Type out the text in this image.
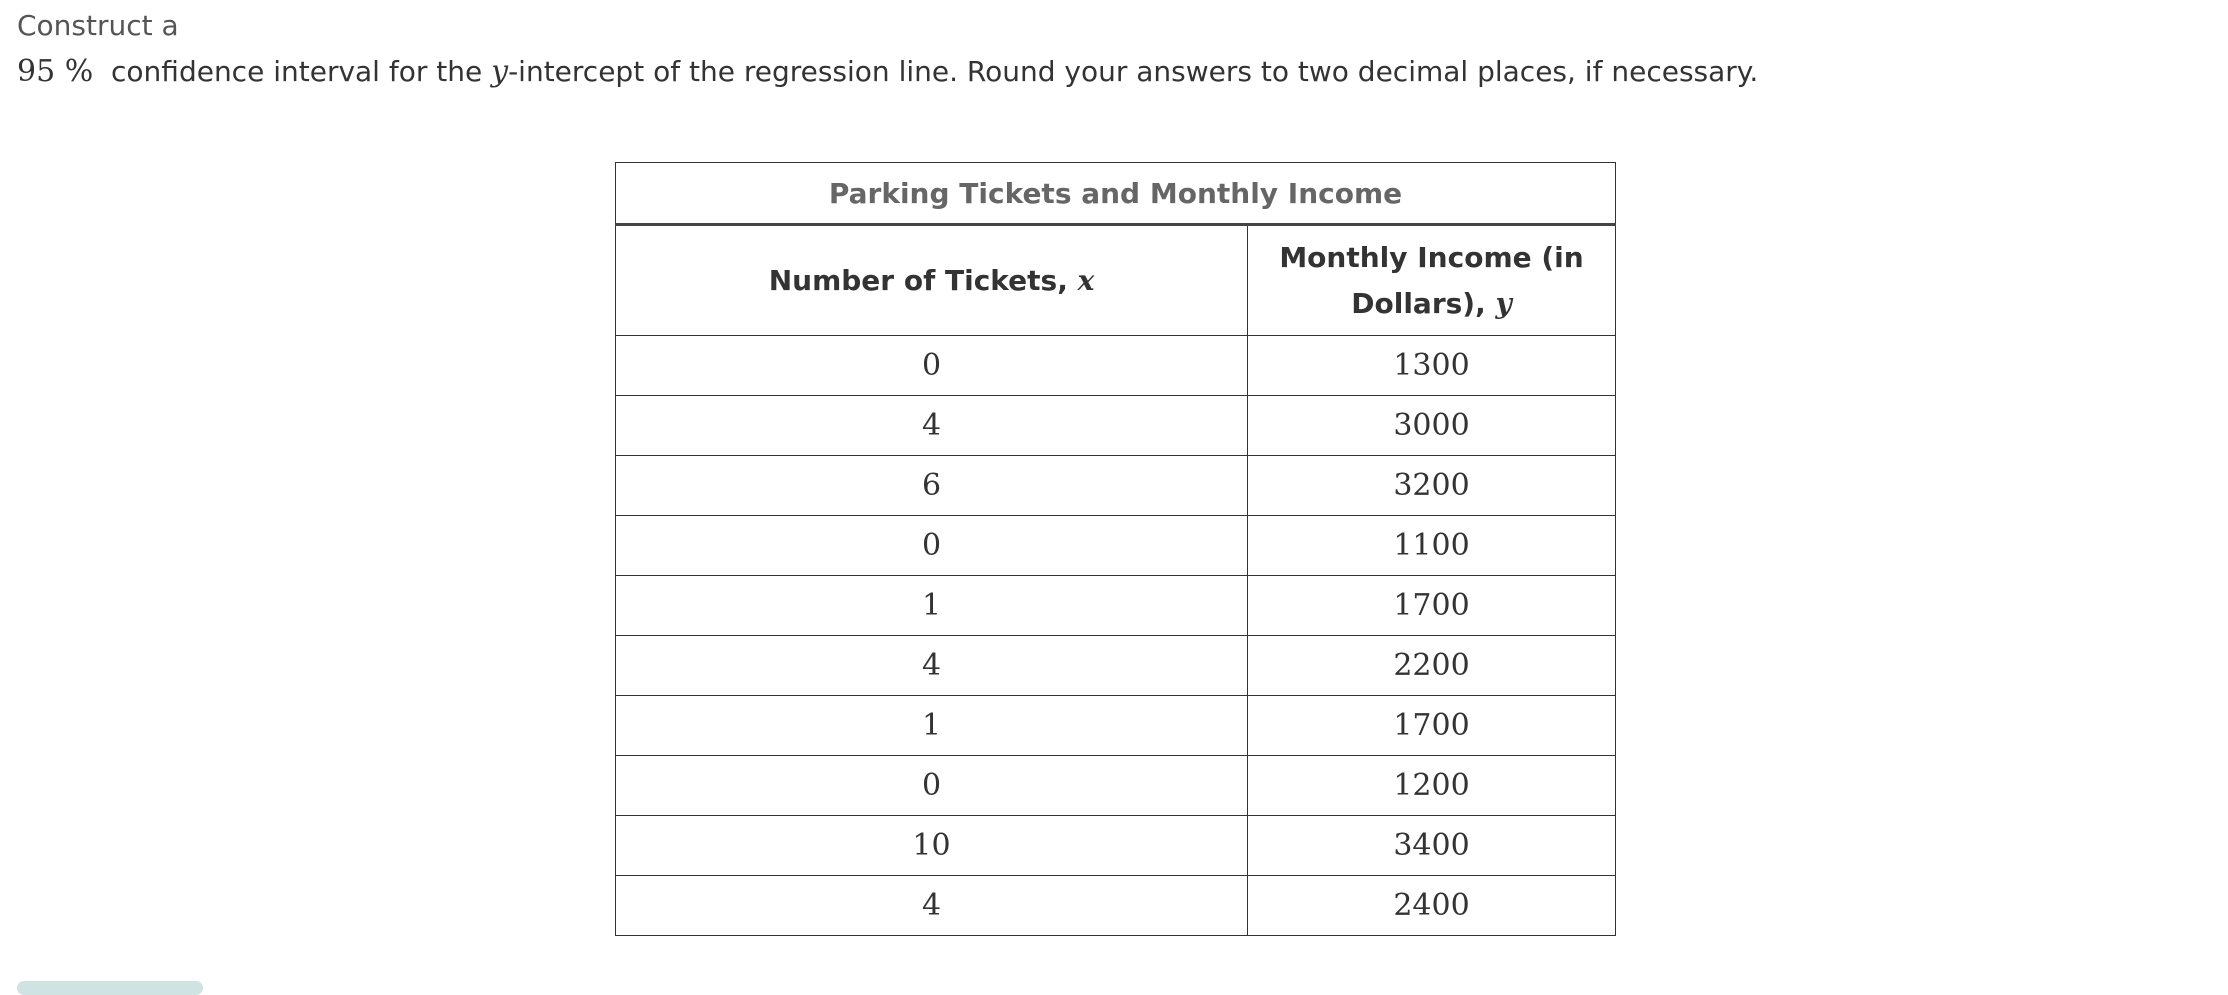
Construct a
95 % confidence interval for the y-intercept of the regression line. Round your answers to two decimal places, if necessary.
Parking Tickets and Monthly Income	
Number of Tickets, x	Monthly Income (in
Dollars), y
0	1300
4	3000
6	3200
0	1100
1	1700
4	2200
1	1700
0	1200
10	3400
4	2400
